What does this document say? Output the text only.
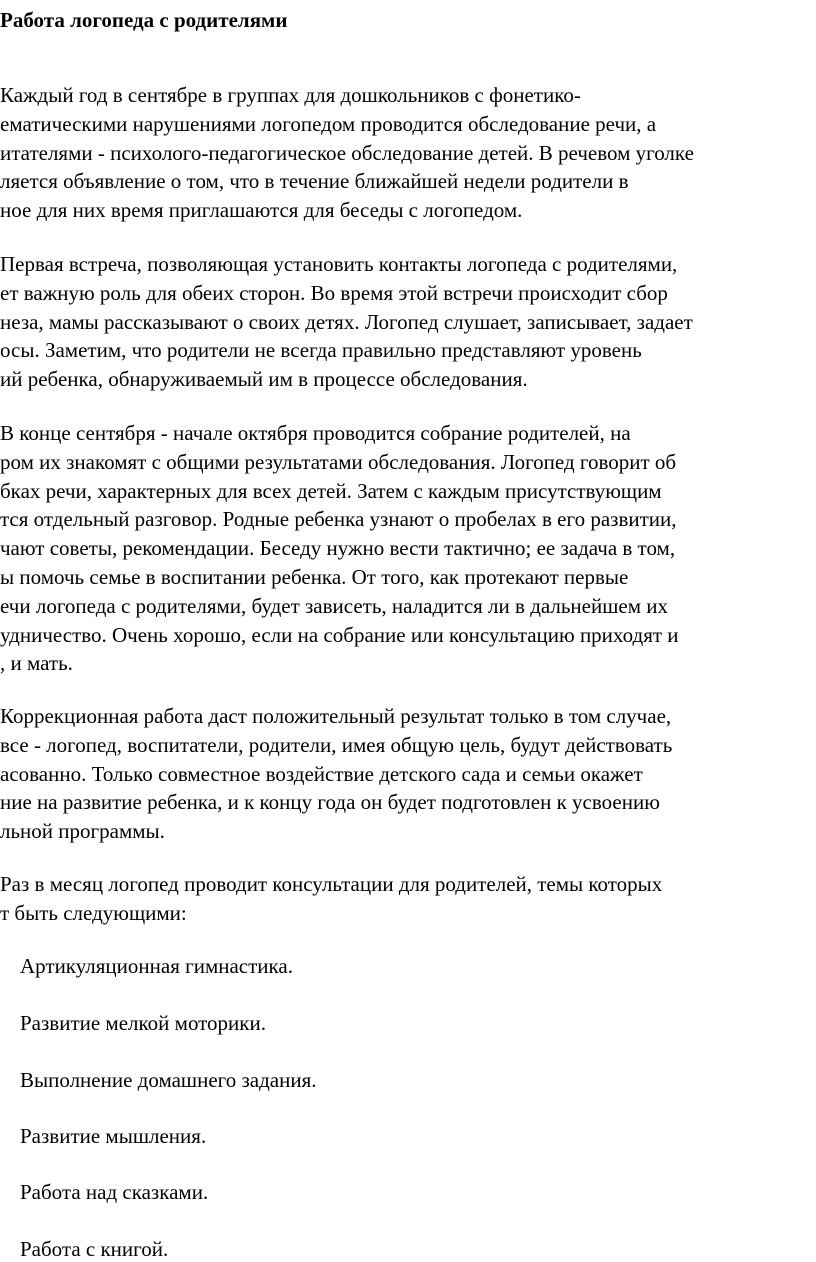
Работа логопеда с родителями

Каждый год в сентябре в группах для дошкольников с фонетико-
ематическими нарушениями логопедом проводится обследование речи, а
итателями - психолого-педагогическое обследование детей. В речевом уголке
ляется объявление о том, что в течение ближайшей недели родители в
ное для них время приглашаются для беседы с логопедом.

Первая встреча, позволяющая установить контакты логопеда с родителями,
ет важную роль для обеих сторон. Во время этой встречи происходит сбор
неза, мамы рассказывают о своих детях. Логопед слушает, записывает, задает
осы. Заметим, что родители не всегда правильно представляют уровень
ий ребенка, обнаруживаемый им в процессе обследования.

В конце сентября - начале октября проводится собрание родителей, на
ром их знакомят с общими результатами обследования. Логопед говорит об
бках речи, характерных для всех детей. Затем с каждым присутствующим
тся отдельный разговор. Родные ребенка узнают о пробелах в его развитии,
чают советы, рекомендации. Беседу нужно вести тактично; ее задача в том,
ы помочь семье в воспитании ребенка. От того, как протекают первые
ечи логопеда с родителями, будет зависеть, наладится ли в дальнейшем их
удничество. Очень хорошо, если на собрание или консультацию приходят и
, и мать.

Коррекционная работа даст положительный результат только в том случае,
все - логопед, воспитатели, родители, имея общую цель, будут действовать
асованно. Только совместное воздействие детского сада и семьи окажет
ние на развитие ребенка, и к концу года он будет подготовлен к усвоению
льной программы.

Раз в месяц логопед проводит консультации для родителей, темы которых
т быть следующими:

Артикуляционная гимнастика.

Развитие мелкой моторики.

Выполнение домашнего задания.

Развитие мышления.

Работа над сказками.

Работа с книгой.
